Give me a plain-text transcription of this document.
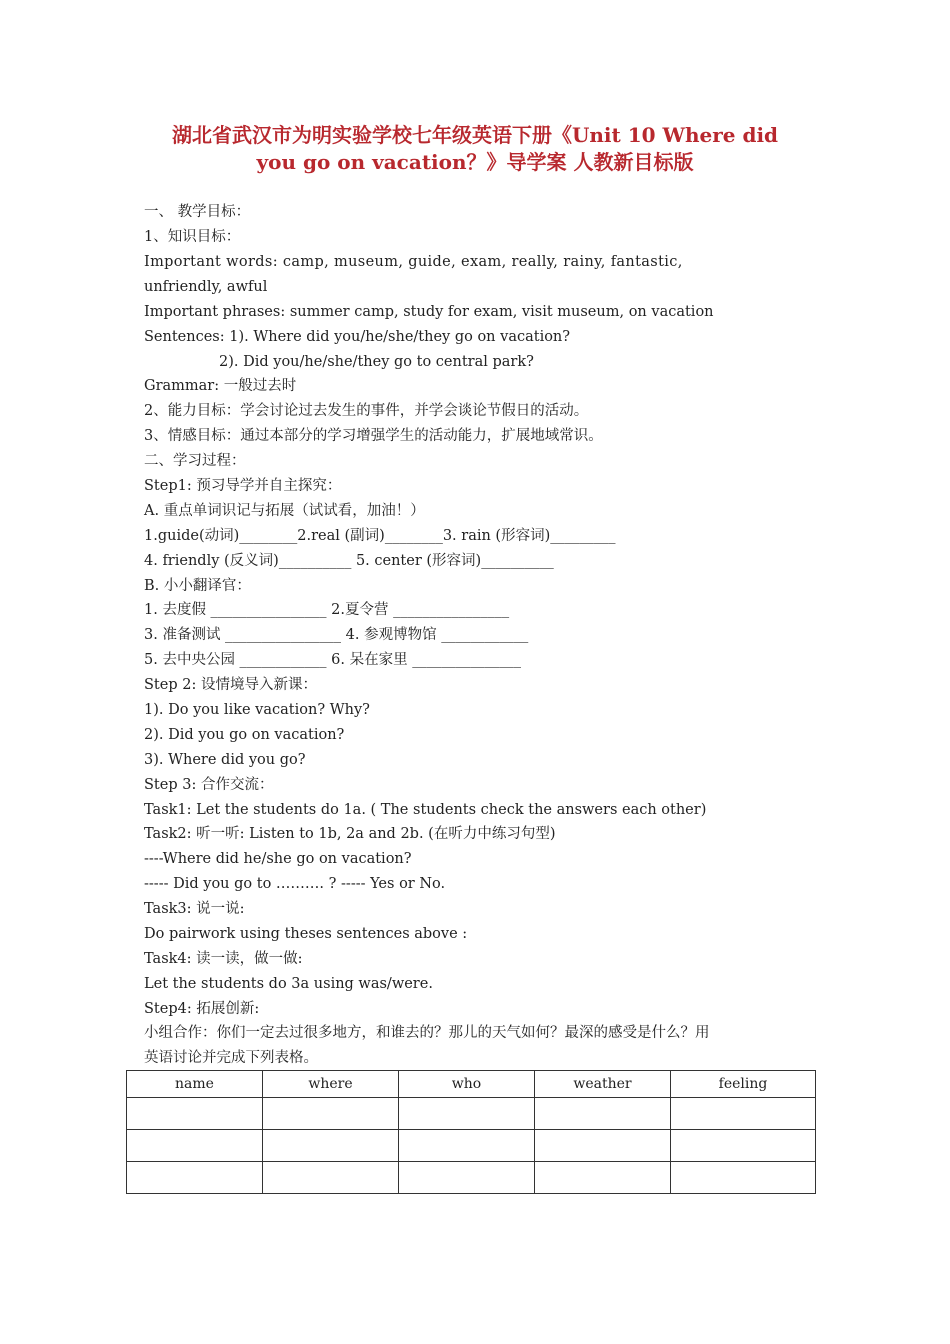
湖北省武汉市为明实验学校七年级英语下册《Unit 10 Where did
you go on vacation？》导学案 人教新目标版
一、 教学目标：
1、知识目标：
Important words: camp, museum, guide, exam, really, rainy, fantastic,
unfriendly, awful
Important phrases: summer camp, study for exam, visit museum, on vacation
Sentences: 1). Where did you/he/she/they go on vacation?
2). Did you/he/she/they go to central park?
Grammar: 一般过去时
2、能力目标：学会讨论过去发生的事件，并学会谈论节假日的活动。
3、情感目标：通过本部分的学习增强学生的活动能力，扩展地域常识。
二、学习过程：
Step1: 预习导学并自主探究：
A. 重点单词识记与拓展（试试看，加油！）
1.guide(动词)________2.real (副词)________3. rain (形容词)_________
4. friendly (反义词)__________ 5. center (形容词)__________
B. 小小翻译官：
1. 去度假 ________________ 2.夏令营 ________________
3. 准备测试 ________________ 4. 参观博物馆 ____________
5. 去中央公园 ____________ 6. 呆在家里 _______________
Step 2: 设情境导入新课：
1). Do you like vacation? Why?
2). Did you go on vacation?
3). Where did you go?
Step 3: 合作交流：
Task1: Let the students do 1a. ( The students check the answers each other)
Task2: 听一听: Listen to 1b, 2a and 2b. (在听力中练习句型)
----Where did he/she go on vacation?
----- Did you go to ………. ? ----- Yes or No.
Task3: 说一说:
Do pairwork using theses sentences above :
Task4: 读一读，做一做:
Let the students do 3a using was/were.
Step4: 拓展创新:
小组合作：你们一定去过很多地方，和谁去的？那儿的天气如何？最深的感受是什么？用
英语讨论并完成下列表格。
name	where	who	weather	feeling
